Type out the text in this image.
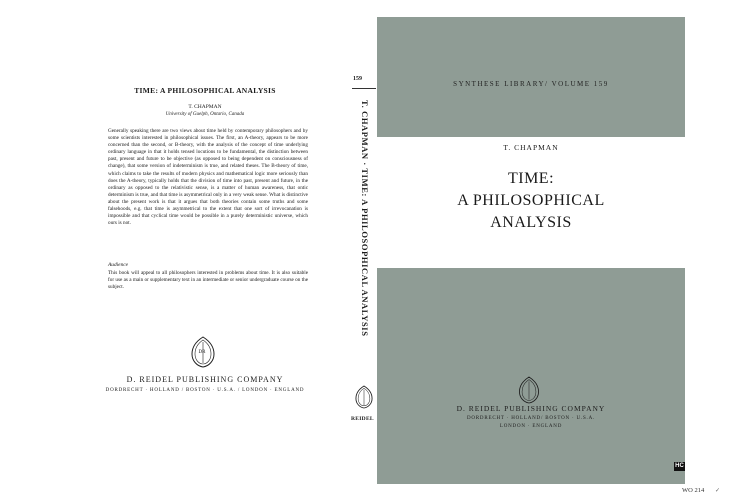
TIME: A PHILOSOPHICAL ANALYSIS
T. CHAPMAN
University of Guelph, Ontario, Canada
Generally speaking there are two views about time held by contemporary philosophers and by some scientists interested in philosophical issues. The first, an A-theory, appears to be more concerned than the second, or B-theory, with the analysis of the concept of time underlying ordinary language in that it holds tensed locutions to be fundamental, the distinction between past, present and future to be objective (as opposed to being dependent on consciousness of change), that some version of indeterminism is true, and related theses. The B-theory of time, which claims to take the results of modern physics and mathematical logic more seriously than does the A-theory, typically holds that the division of time into past, present and future, in the ordinary as opposed to the relativistic sense, is a matter of human awareness, that ontic determinism is true, and that time is asymmetrical only in a very weak sense. What is distinctive about the present work is that it argues that both theories contain some truths and some falsehoods, e.g. that time is asymmetrical to the extent that one sort of irrevocanation is impossible and that cyclical time would be possible in a purely deterministic universe, which ours is not.
Audience
This book will appeal to all philosophers interested in problems about time. It is also suitable for use as a main or supplementary text in an intermediate or senior undergraduate course on the subject.
DR
D. REIDEL PUBLISHING COMPANY
DORDRECHT · HOLLAND / BOSTON · U.S.A. / LONDON · ENGLAND
159
T. CHAPMAN · TIME: A PHILOSOPHICAL ANALYSIS
REIDEL
SYNTHESE LIBRARY/ VOLUME 159
T. CHAPMAN
TIME:
A PHILOSOPHICAL
ANALYSIS
D. REIDEL PUBLISHING COMPANY
DORDRECHT · HOLLAND/ BOSTON · U.S.A.
LONDON · ENGLAND
HC
WO 214 ✓
